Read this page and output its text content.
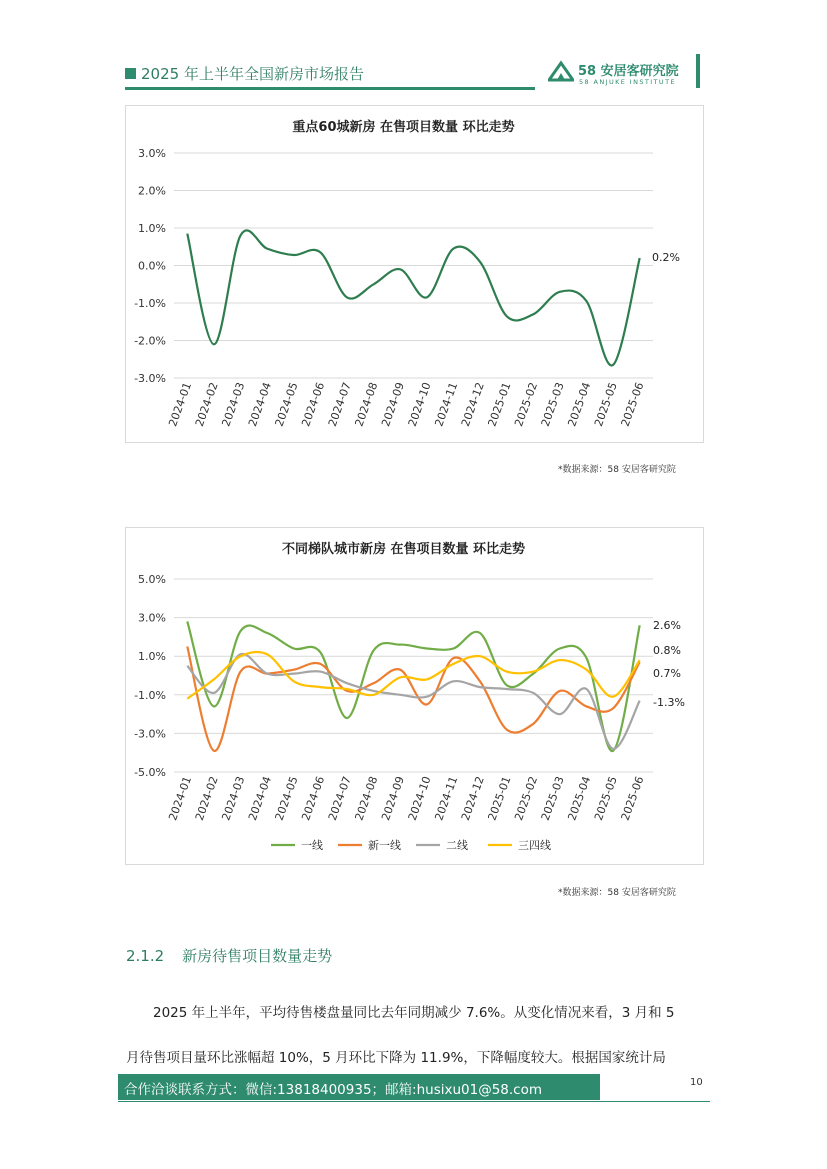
2025 年上半年全国新房市场报告	58 安居客研究院
58 ANJUKE INSTITUTE
重点60城新房 在售项目数量 环比走势
3.0%
2.0%
1.0%
0.0%
-1.0%
-2.0%
-3.0%
2024-01
2024-02
2024-03
2024-04
2024-05
2024-06
2024-07
2024-08
2024-09
2024-10
2024-11
2024-12
2025-01
2025-02
2025-03
2025-04
2025-05
2025-06
0.2%
*数据来源：58 安居客研究院
不同梯队城市新房 在售项目数量 环比走势
5.0%
3.0%
1.0%
-1.0%
-3.0%
-5.0%
2024-01
2024-02
2024-03
2024-04
2024-05
2024-06
2024-07
2024-08
2024-09
2024-10
2024-11
2024-12
2025-01
2025-02
2025-03
2025-04
2025-05
2025-06
2.6%
0.8%
0.7%
-1.3%
一线	新一线	二线	三四线
*数据来源：58 安居客研究院
2.1.2 新房待售项目数量走势
2025 年上半年，平均待售楼盘量同比去年同期减少 7.6%。从变化情况来看，3 月和 5
月待售项目量环比涨幅超 10%，5 月环比下降为 11.9%，下降幅度较大。根据国家统计局
合作洽谈联系方式：微信:13818400935；邮箱:husixu01@58.com	10
